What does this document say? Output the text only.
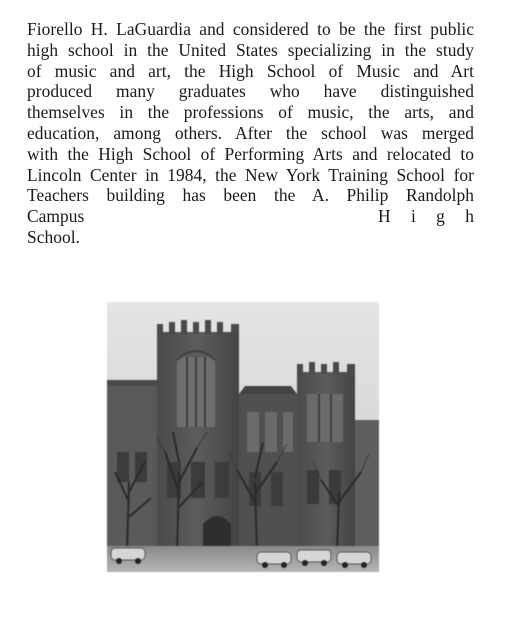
Fiorello H. LaGuardia and considered to be the first public
high school in the United States specializing in the study
of music and art, the High School of Music and Art
produced many graduates who have distinguished
themselves in the professions of music, the arts, and
education, among others. After the school was merged
with the High School of Performing Arts and relocated to
Lincoln Center in 1984, the New York Training School for
Teachers building has been the A. Philip Randolph
Campus	H i g h
School.
